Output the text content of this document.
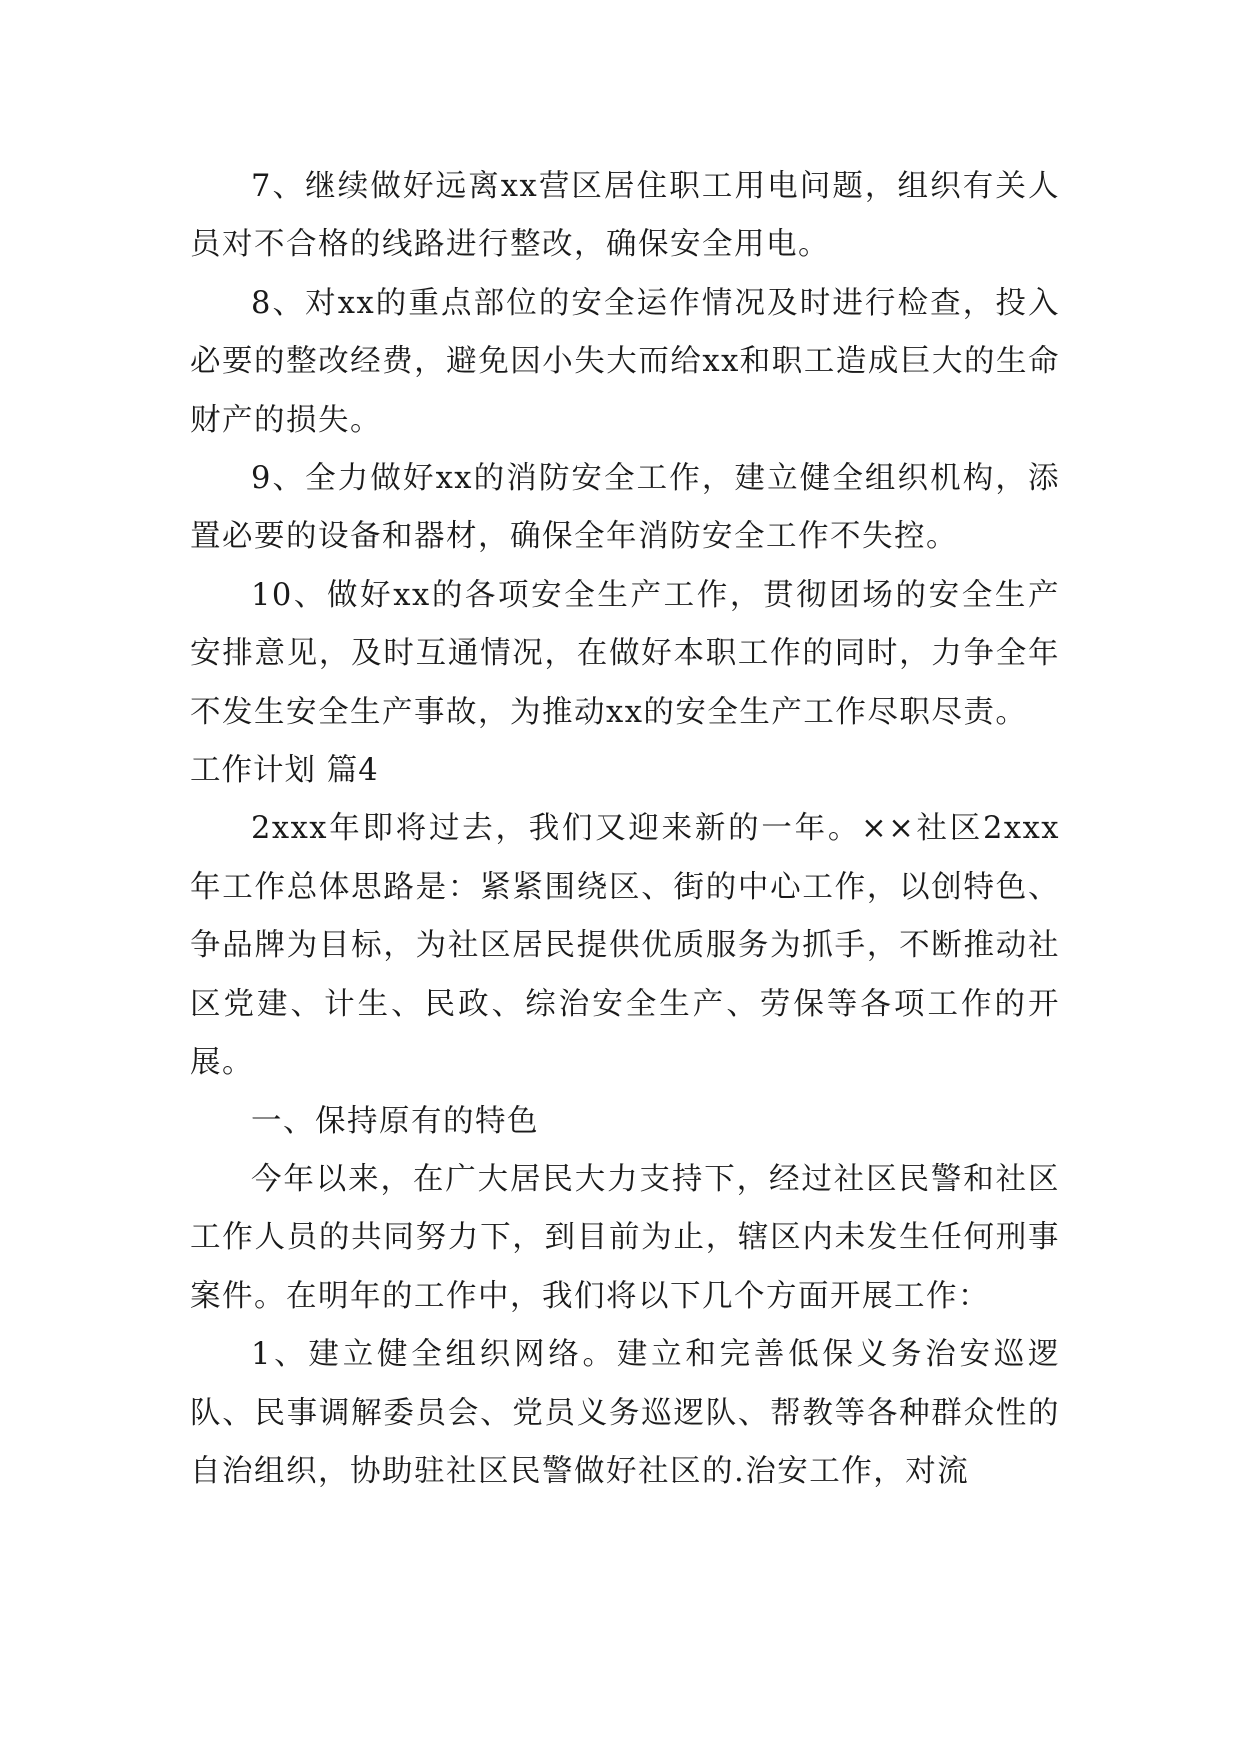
7、继续做好远离xx营区居住职工用电问题，组织有关人员对不合格的线路进行整改，确保安全用电。

8、对xx的重点部位的安全运作情况及时进行检查，投入必要的整改经费，避免因小失大而给xx和职工造成巨大的生命财产的损失。

9、全力做好xx的消防安全工作，建立健全组织机构，添置必要的设备和器材，确保全年消防安全工作不失控。

10、做好xx的各项安全生产工作，贯彻团场的安全生产安排意见，及时互通情况，在做好本职工作的同时，力争全年不发生安全生产事故，为推动xx的安全生产工作尽职尽责。

工作计划 篇4

2xxx年即将过去，我们又迎来新的一年。××社区2xxx年工作总体思路是：紧紧围绕区、街的中心工作，以创特色、争品牌为目标，为社区居民提供优质服务为抓手，不断推动社区党建、计生、民政、综治安全生产、劳保等各项工作的开展。

一、保持原有的特色

今年以来，在广大居民大力支持下，经过社区民警和社区工作人员的共同努力下，到目前为止，辖区内未发生任何刑事案件。在明年的工作中，我们将以下几个方面开展工作：

1、建立健全组织网络。建立和完善低保义务治安巡逻队、民事调解委员会、党员义务巡逻队、帮教等各种群众性的自治组织，协助驻社区民警做好社区的.治安工作，对流
